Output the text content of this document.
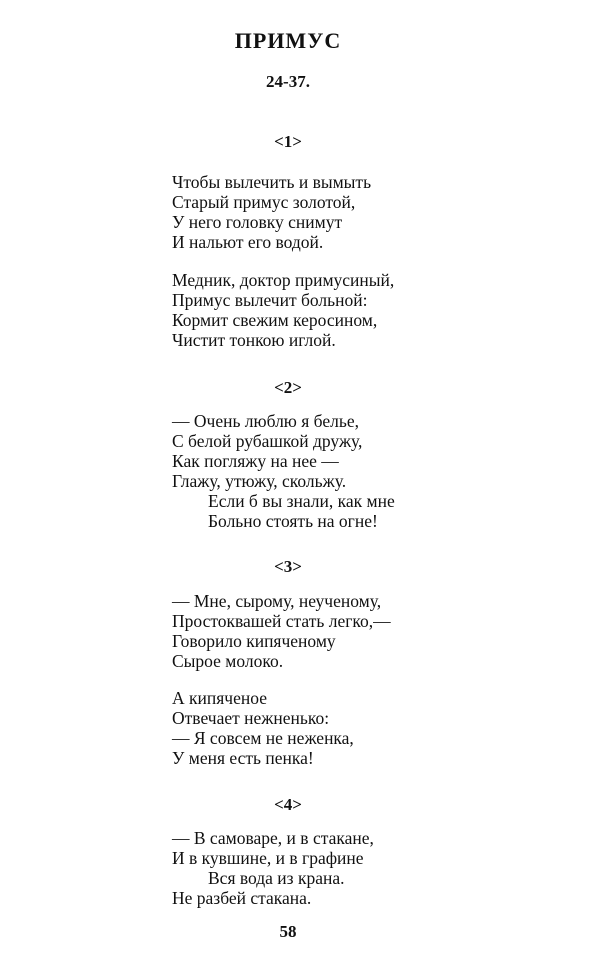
ПРИМУС
24-37.
<1>
Чтобы вылечить и вымыть
Старый примус золотой,
У него головку снимут
И нальют его водой.
Медник, доктор примусиный,
Примус вылечит больной:
Кормит свежим керосином,
Чистит тонкою иглой.
<2>
— Очень люблю я белье,
С белой рубашкой дружу,
Как погляжу на нее —
Глажу, утюжу, скольжу.
Если б вы знали, как мне
Больно стоять на огне!
<3>
— Мне, сырому, неученому,
Простоквашей стать легко,—
Говорило кипяченому
Сырое молоко.
А кипяченое
Отвечает нежненько:
— Я совсем не неженка,
У меня есть пенка!
<4>
— В самоваре, и в стакане,
И в кувшине, и в графине
Вся вода из крана.
Не разбей стакана.
58
